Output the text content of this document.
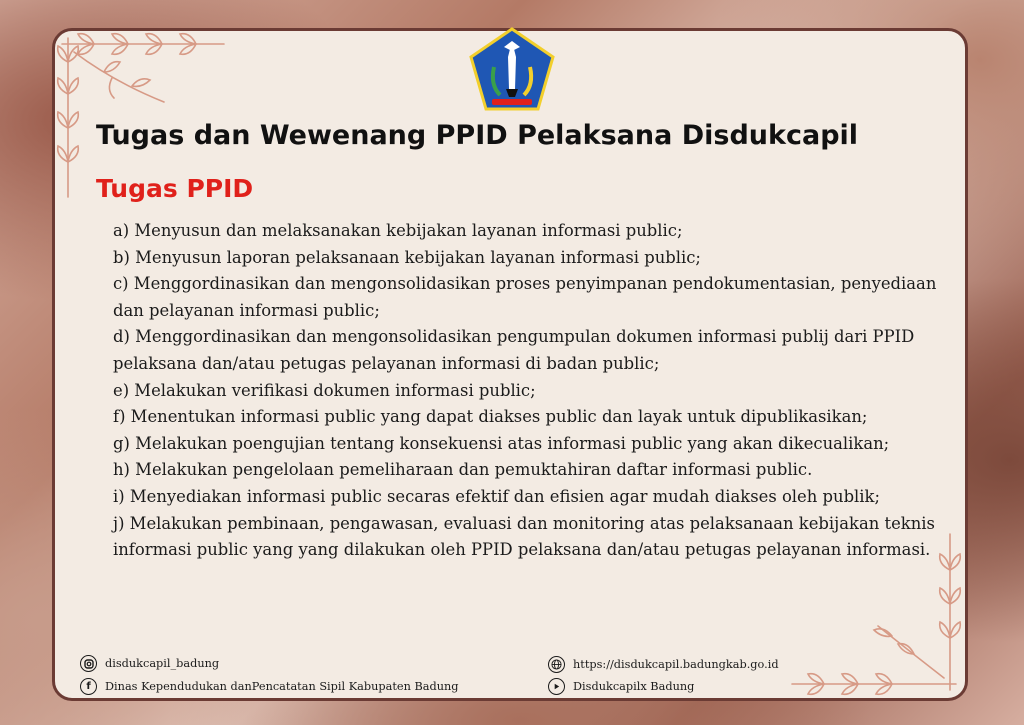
Tugas dan Wewenang PPID Pelaksana Disdukcapil
Tugas PPID
a) Menyusun dan melaksanakan kebijakan layanan informasi public;
b) Menyusun laporan pelaksanaan kebijakan layanan informasi public;
c) Menggordinasikan dan mengonsolidasikan proses penyimpanan pendokumentasian, penyediaan dan pelayanan informasi public;
d) Menggordinasikan dan mengonsolidasikan pengumpulan dokumen informasi publij dari PPID pelaksana dan/atau petugas pelayanan informasi di badan public;
e) Melakukan verifikasi dokumen informasi public;
f) Menentukan informasi public yang dapat diakses public dan layak untuk dipublikasikan;
g) Melakukan poengujian tentang konsekuensi atas informasi public yang akan dikecualikan;
h) Melakukan pengelolaan pemeliharaan dan pemuktahiran daftar informasi public.
i) Menyediakan informasi public secaras efektif dan efisien agar mudah diakses oleh publik;
j) Melakukan pembinaan, pengawasan, evaluasi dan monitoring atas pelaksanaan kebijakan teknis informasi public yang yang dilakukan oleh PPID pelaksana dan/atau petugas pelayanan informasi.
disdukcapil_badung
f	Dinas Kependudukan danPencatatan Sipil Kabupaten Badung
https://disdukcapil.badungkab.go.id
Disdukcapilx Badung
